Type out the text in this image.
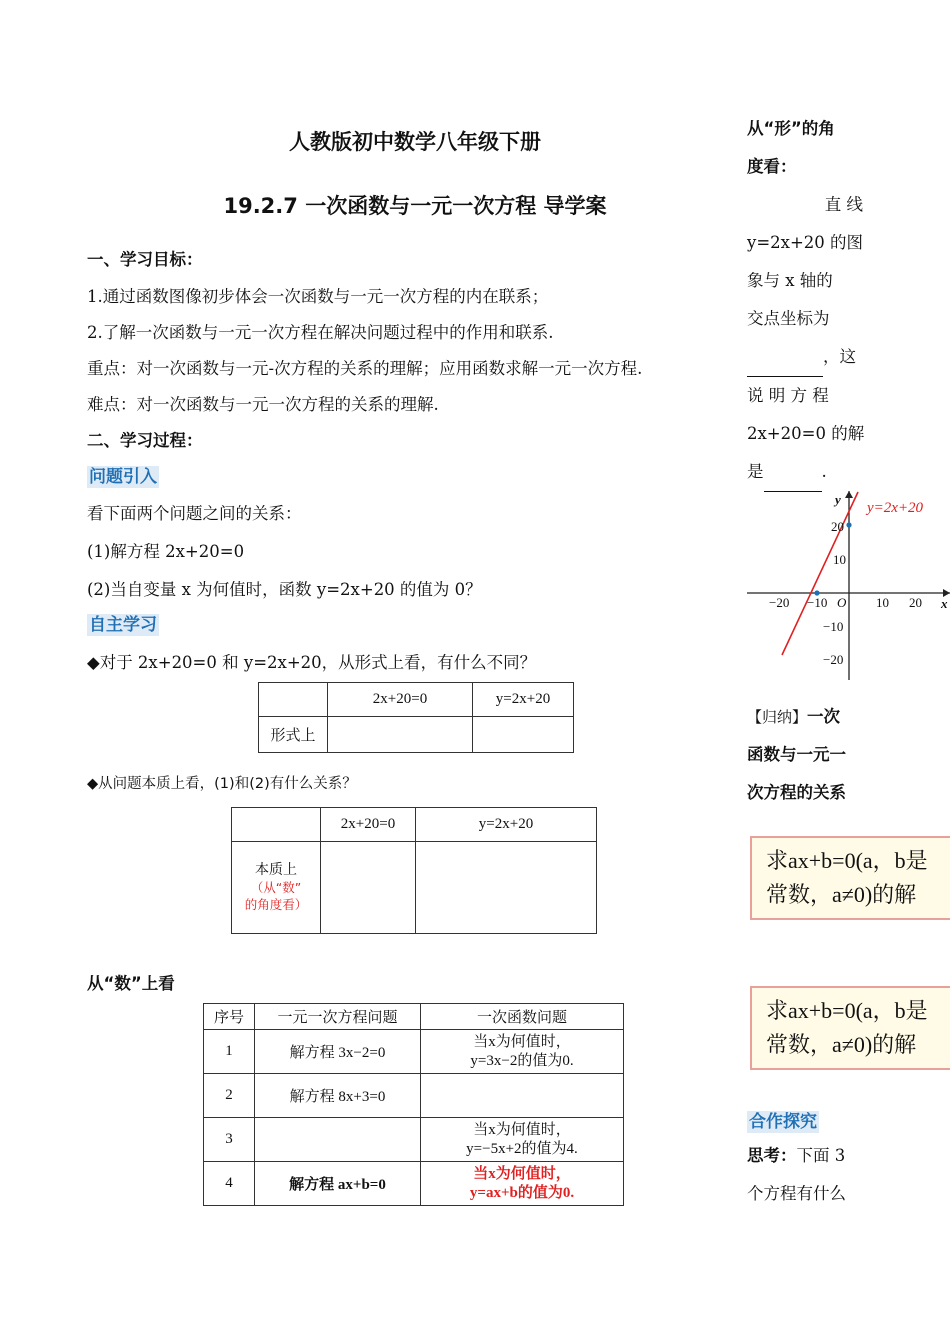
人教版初中数学八年级下册
19.2.7 一次函数与一元一次方程 导学案
一、学习目标：
1.通过函数图像初步体会一次函数与一元一次方程的内在联系；
2.了解一次函数与一元一次方程在解决问题过程中的作用和联系.
重点：对一次函数与一元-次方程的关系的理解；应用函数求解一元一次方程.
难点：对一次函数与一元一次方程的关系的理解.
二、学习过程：
问题引入
看下面两个问题之间的关系：
(1)解方程 2x+20=0
(2)当自变量 x 为何值时，函数 y=2x+20 的值为 0？
自主学习
◆对于 2x+20=0 和 y=2x+20，从形式上看，有什么不同？
	2x+20=0	y=2x+20
形式上		
◆从问题本质上看，(1)和(2)有什么关系？
	2x+20=0	y=2x+20

本质上
（从“数”
的角度看）		

从“数”上看
序号	一元一次方程问题	一次函数问题
1	解方程 3x−2=0	当x为何值时，
y=3x−2的值为0.

2	解方程 8x+3=0	

3		当x为何值时，
y=−5x+2的值为4.

4	解方程 ax+b=0	当x为何值时，
y=ax+b的值为0.
从“形”的角
度看：
直 线
y=2x+20 的图
象与 x 轴的
交点坐标为
，这
说 明 方 程
2x+20=0 的解
是	.
y
x
O
−20 −10	10 20
20
10
−10
−20
y=2x+20
【归纳】一次
函数与一元一
次方程的关系
求ax+b=0(a，b是
常数，a≠0)的解
求ax+b=0(a，b是
常数，a≠0)的解
合作探究
思考：下面 3
个方程有什么
